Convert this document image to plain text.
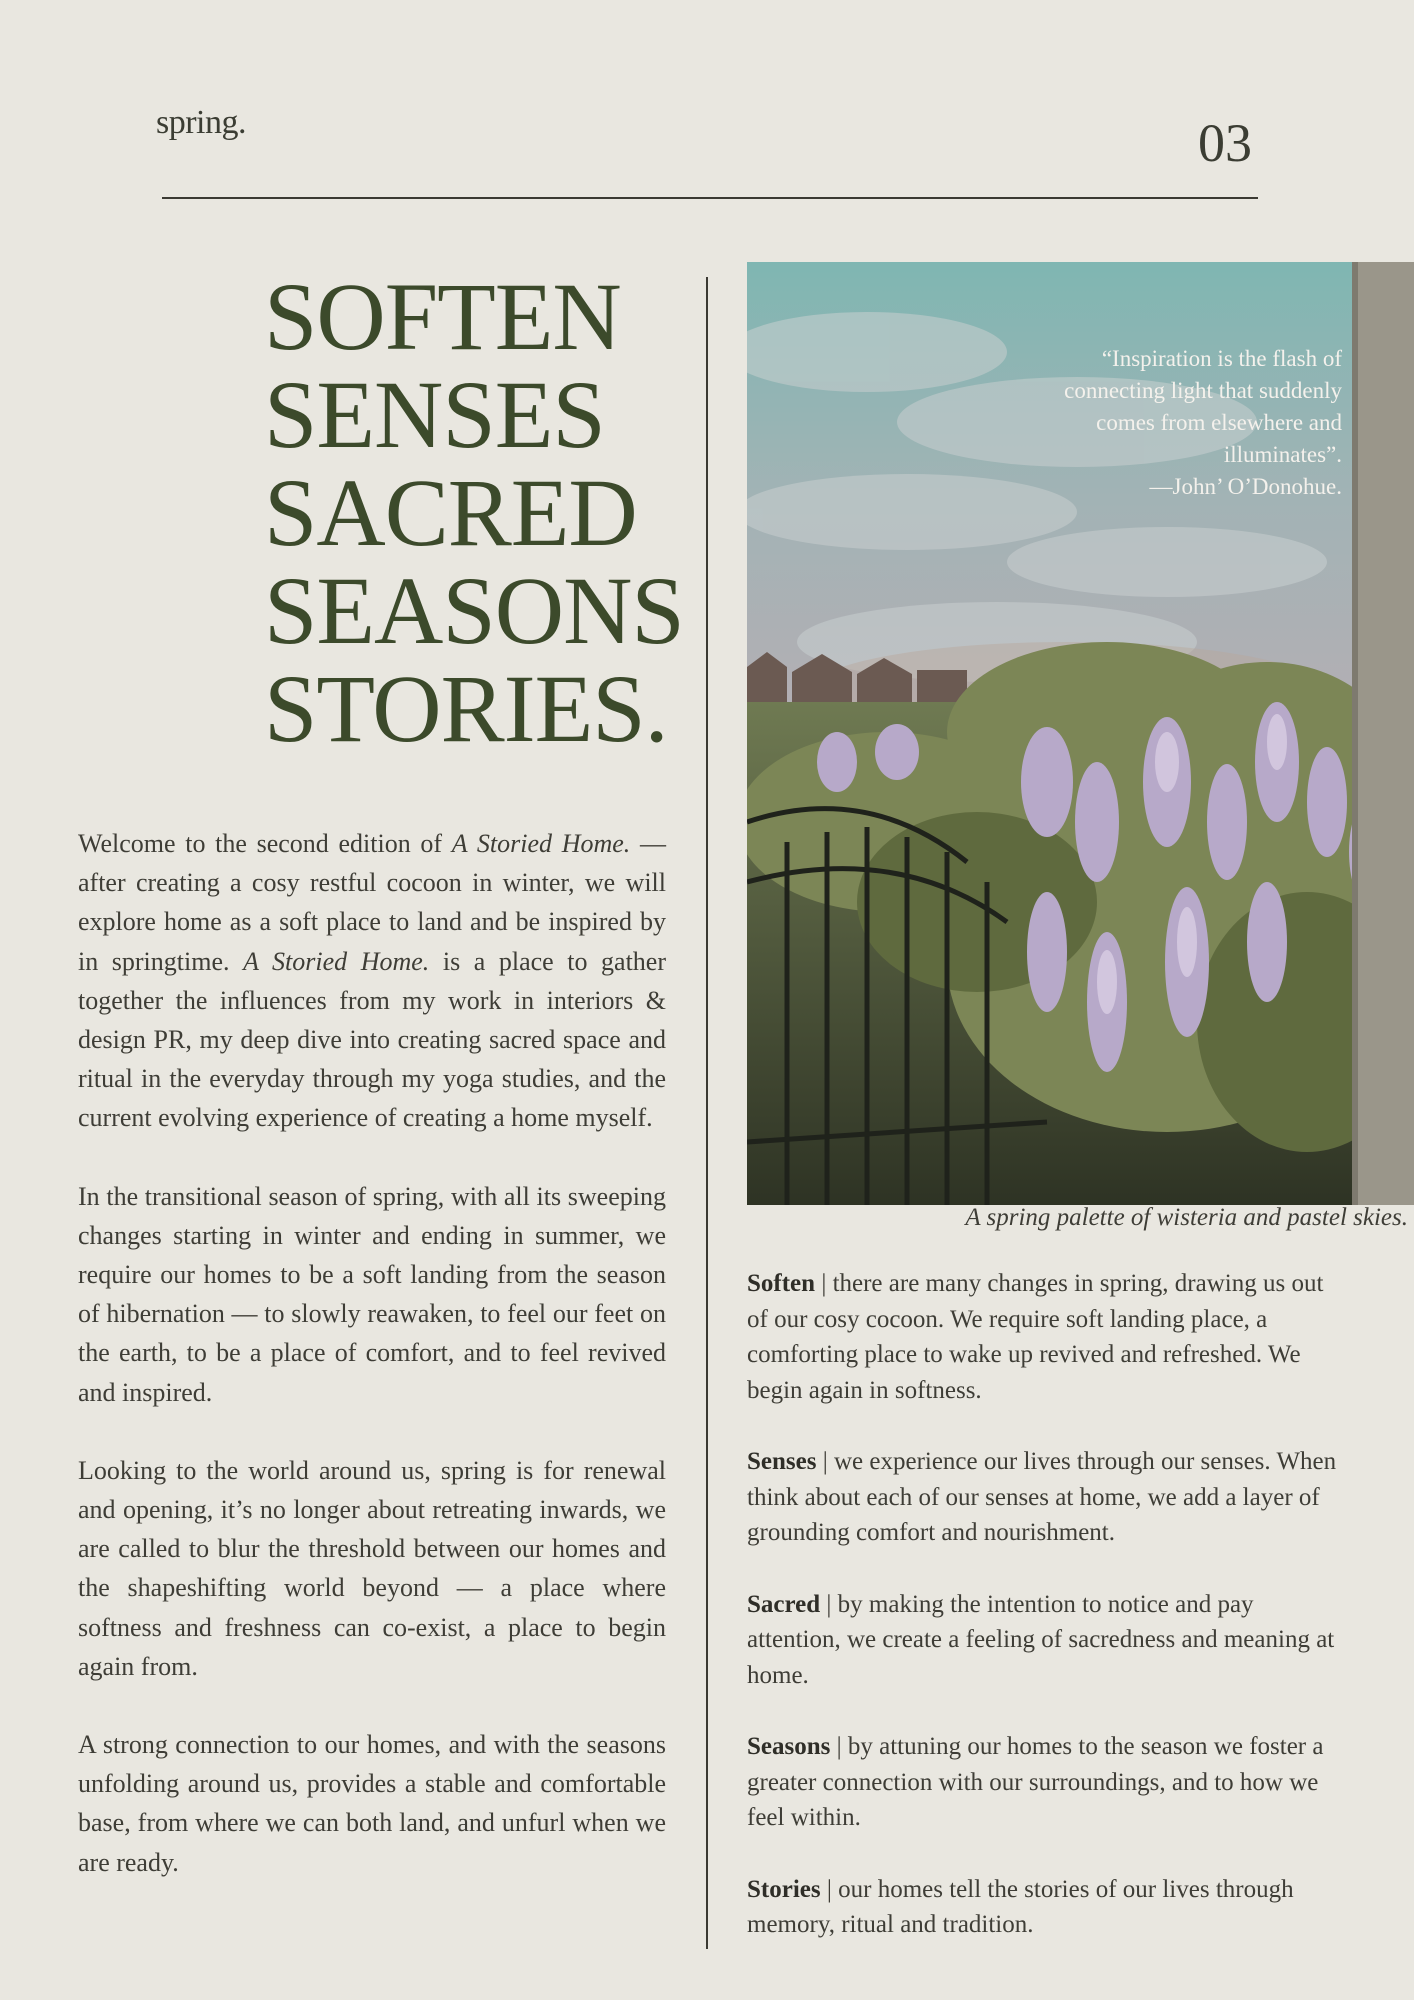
spring.	03
SOFTEN
SENSES
SACRED
SEASONS
STORIES.

Welcome to the second edition of A Storied Home. — after creating a cosy restful cocoon in winter, we will explore home as a soft place to land and be inspired by in springtime. A Storied Home. is a place to gather together the influences from my work in interiors & design PR, my deep dive into creating sacred space and ritual in the everyday through my yoga studies, and the current evolving experience of creating a home myself.

In the transitional season of spring, with all its sweeping changes starting in winter and ending in summer, we require our homes to be a soft landing from the season of hibernation — to slowly reawaken, to feel our feet on the earth, to be a place of comfort, and to feel revived and inspired.

Looking to the world around us, spring is for renewal and opening, it’s no longer about retreating inwards, we are called to blur the threshold between our homes and the shapeshifting world beyond — a place where softness and freshness can co-exist, a place to begin again from.

A strong connection to our homes, and with the seasons unfolding around us, provides a stable and comfortable base, from where we can both land, and unfurl when we are ready.

“Inspiration is the flash of
connecting light that suddenly
comes from elsewhere and
illuminates”.
—John’ O’Donohue.
A spring palette of wisteria and pastel skies.

Soften | there are many changes in spring, drawing us out of our cosy cocoon. We require soft landing place, a comforting place to wake up revived and refreshed. We begin again in softness.

Senses | we experience our lives through our senses. When think about each of our senses at home, we add a layer of grounding comfort and nourishment.

Sacred | by making the intention to notice and pay attention, we create a feeling of sacredness and meaning at home.

Seasons | by attuning our homes to the season we foster a greater connection with our surroundings, and to how we feel within.

Stories | our homes tell the stories of our lives through memory, ritual and tradition.
